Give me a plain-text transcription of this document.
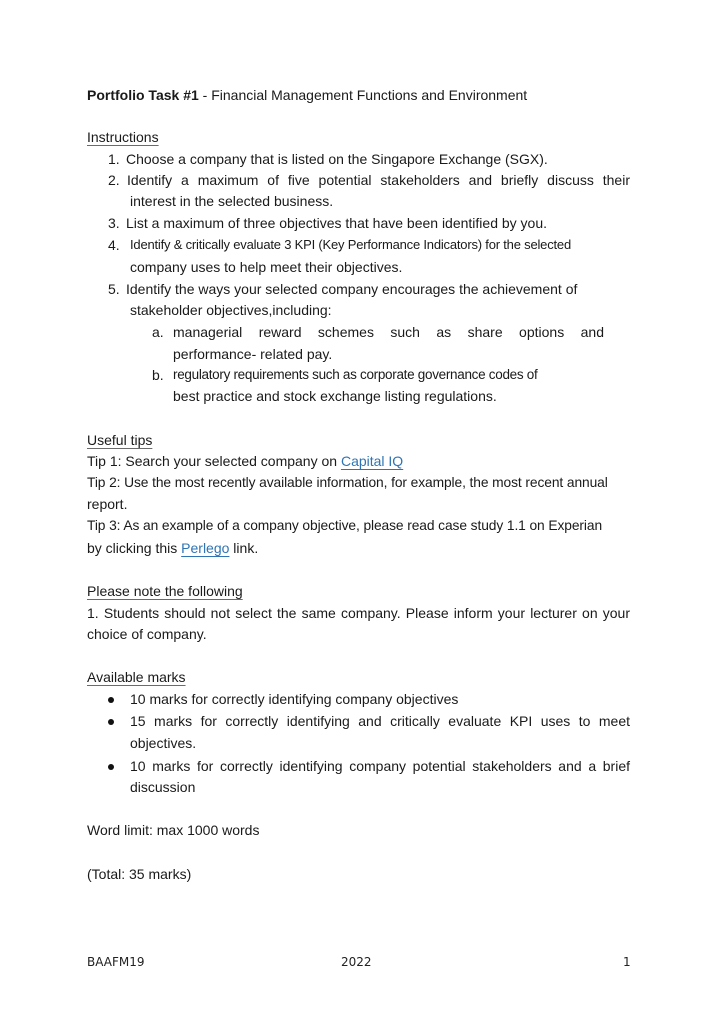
Portfolio Task #1 - Financial Management Functions and Environment
Instructions
1. Choose a company that is listed on the Singapore Exchange (SGX).
2. Identify a maximum of five potential stakeholders and briefly discuss their
interest in the selected business.
3. List a maximum of three objectives that have been identified by you.
4. Identify & critically evaluate 3 KPI (Key Performance Indicators) for the selected
company uses to help meet their objectives.
5. Identify the ways your selected company encourages the achievement of
stakeholder objectives,including:
a. managerial reward schemes such as share options and
performance- related pay.
b. regulatory requirements such as corporate governance codes of
best practice and stock exchange listing regulations.
Useful tips
Tip 1: Search your selected company on Capital IQ
Tip 2: Use the most recently available information, for example, the most recent annual
report.
Tip 3: As an example of a company objective, please read case study 1.1 on Experian
by clicking this Perlego link.
Please note the following
1. Students should not select the same company. Please inform your lecturer on your
choice of company.
Available marks
10 marks for correctly identifying company objectives
15 marks for correctly identifying and critically evaluate KPI uses to meet
objectives.
10 marks for correctly identifying company potential stakeholders and a brief
discussion
Word limit: max 1000 words
(Total: 35 marks)
BAAFM19	2022	1
